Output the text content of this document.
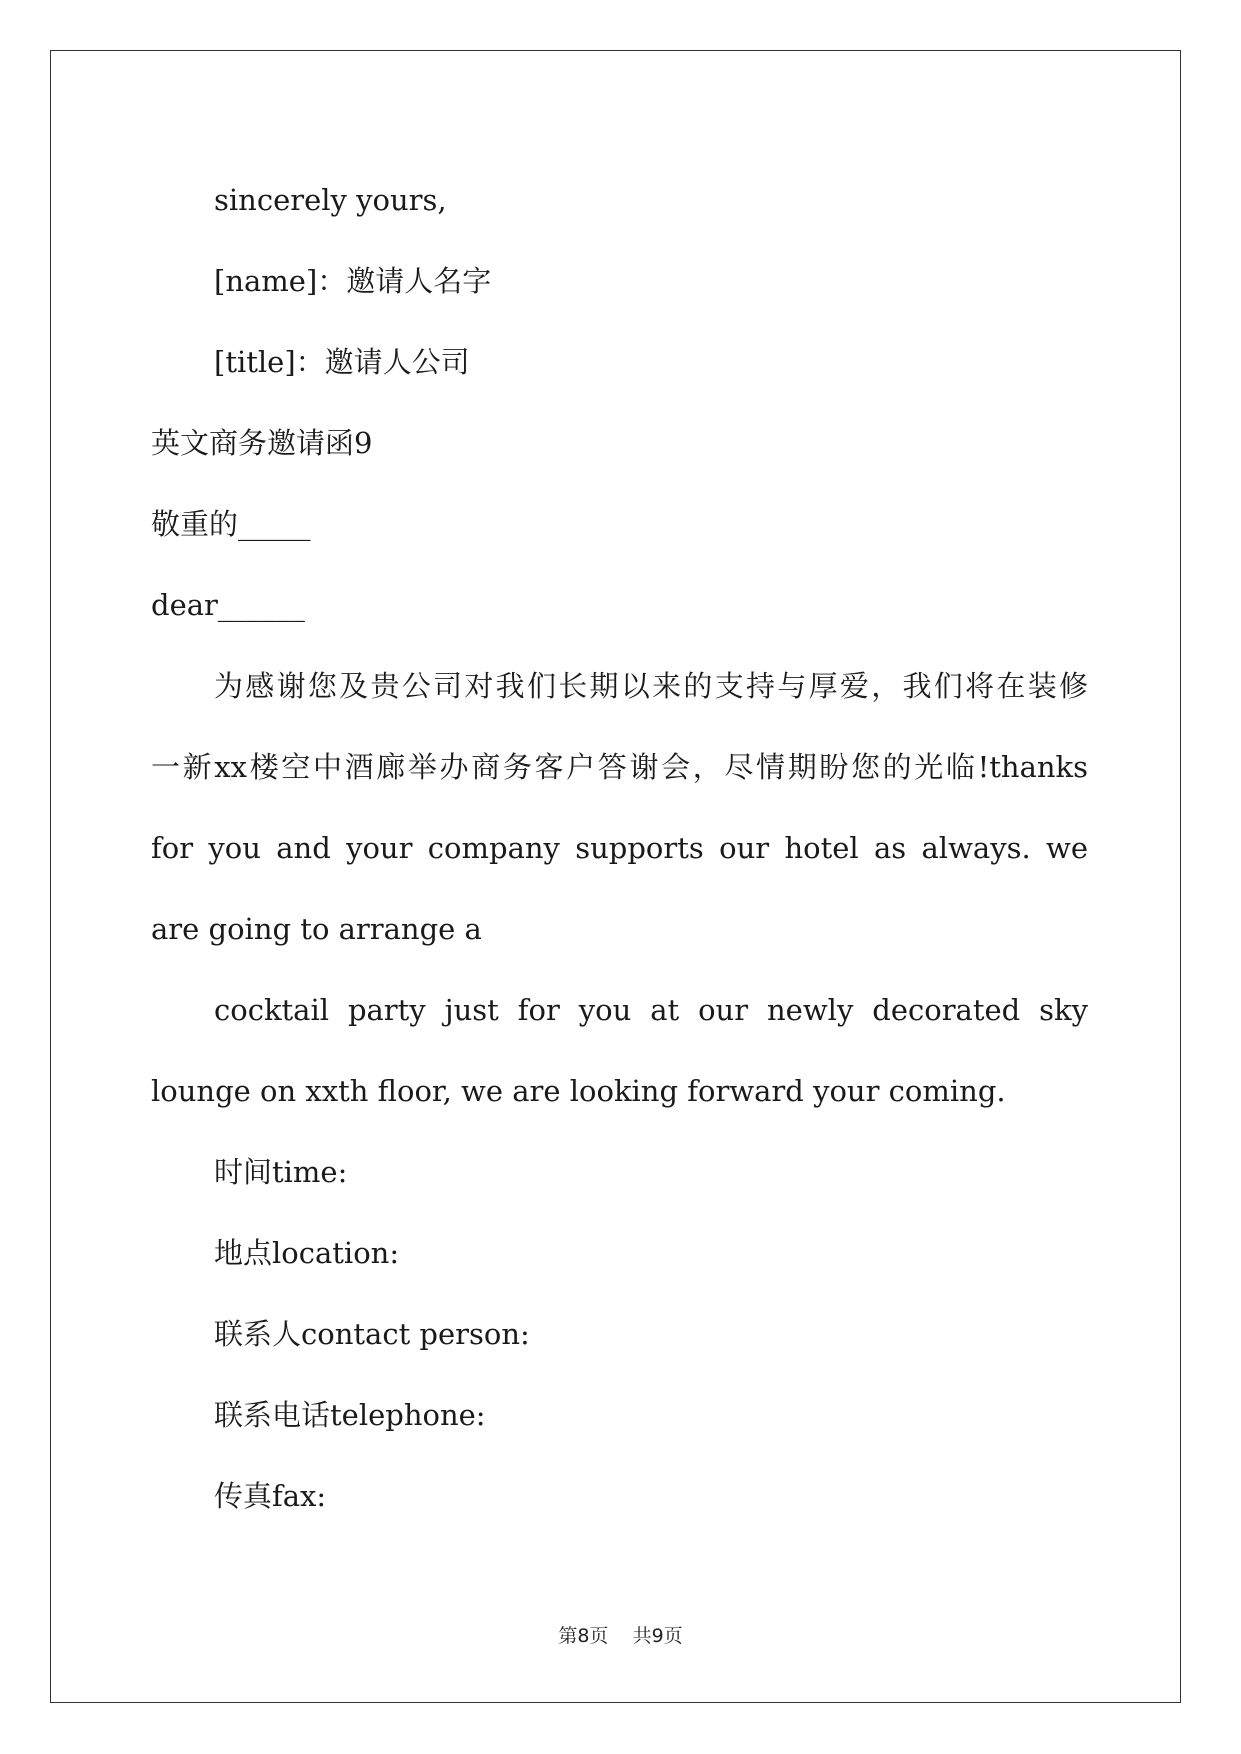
sincerely yours,

[name]：邀请人名字

[title]：邀请人公司

英文商务邀请函9

敬重的_____

dear______

为感谢您及贵公司对我们长期以来的支持与厚爱，我们将在装修

一新xx楼空中酒廊举办商务客户答谢会，尽情期盼您的光临!thanks

for you and your company supports our hotel as always. we

are going to arrange a

cocktail party just for you at our newly decorated sky

lounge on xxth floor, we are looking forward your coming.

时间time:

地点location:

联系人contact person:

联系电话telephone:

传真fax:

第8页 共9页
